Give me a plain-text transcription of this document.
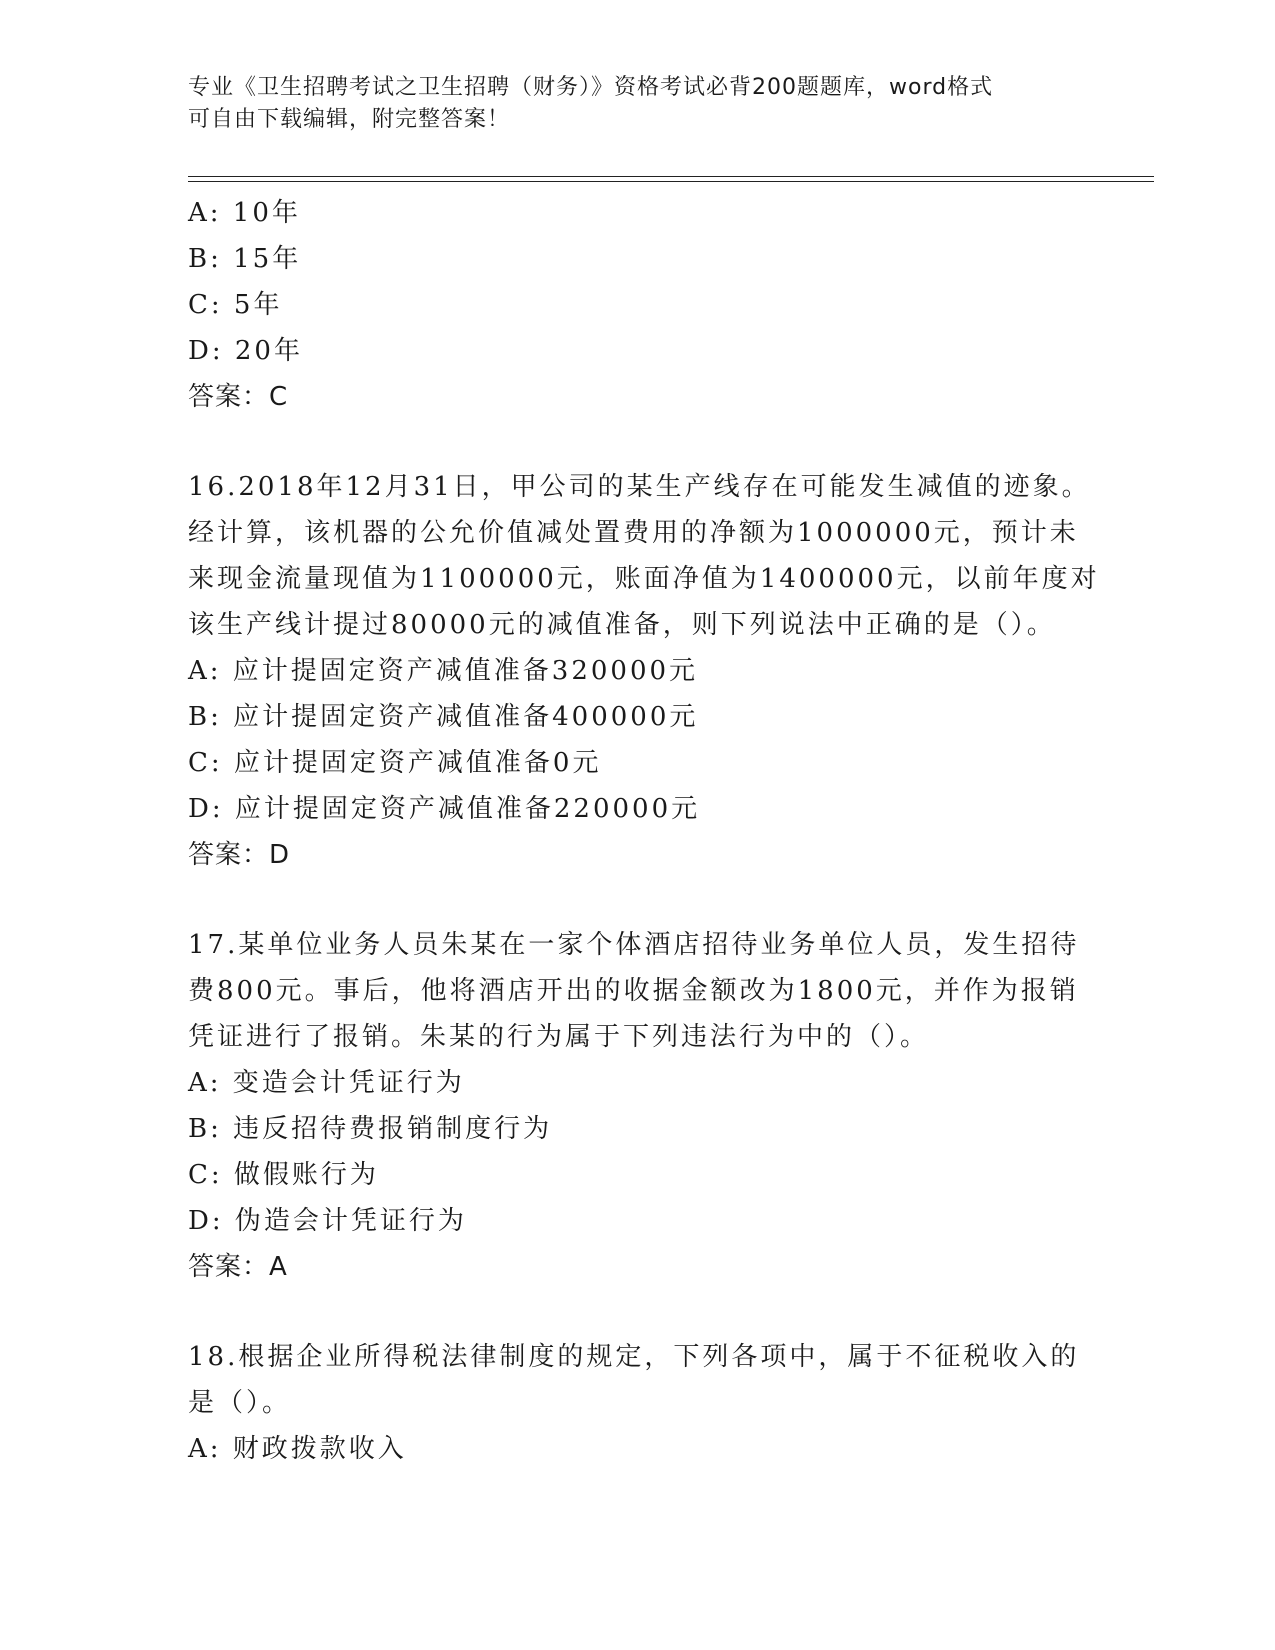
专业《卫生招聘考试之卫生招聘（财务）》资格考试必背200题题库，word格式
可自由下载编辑，附完整答案！
A: 10年
B: 15年
C: 5年
D: 20年
答案：C
16.2018年12月31日，甲公司的某生产线存在可能发生减值的迹象。
经计算，该机器的公允价值减处置费用的净额为1000000元，预计未
来现金流量现值为1100000元，账面净值为1400000元，以前年度对
该生产线计提过80000元的减值准备，则下列说法中正确的是（）。
A: 应计提固定资产减值准备320000元
B: 应计提固定资产减值准备400000元
C: 应计提固定资产减值准备0元
D: 应计提固定资产减值准备220000元
答案：D
17.某单位业务人员朱某在一家个体酒店招待业务单位人员，发生招待
费800元。事后，他将酒店开出的收据金额改为1800元，并作为报销
凭证进行了报销。朱某的行为属于下列违法行为中的（）。
A: 变造会计凭证行为
B: 违反招待费报销制度行为
C: 做假账行为
D: 伪造会计凭证行为
答案：A
18.根据企业所得税法律制度的规定，下列各项中，属于不征税收入的
是（）。
A: 财政拨款收入
